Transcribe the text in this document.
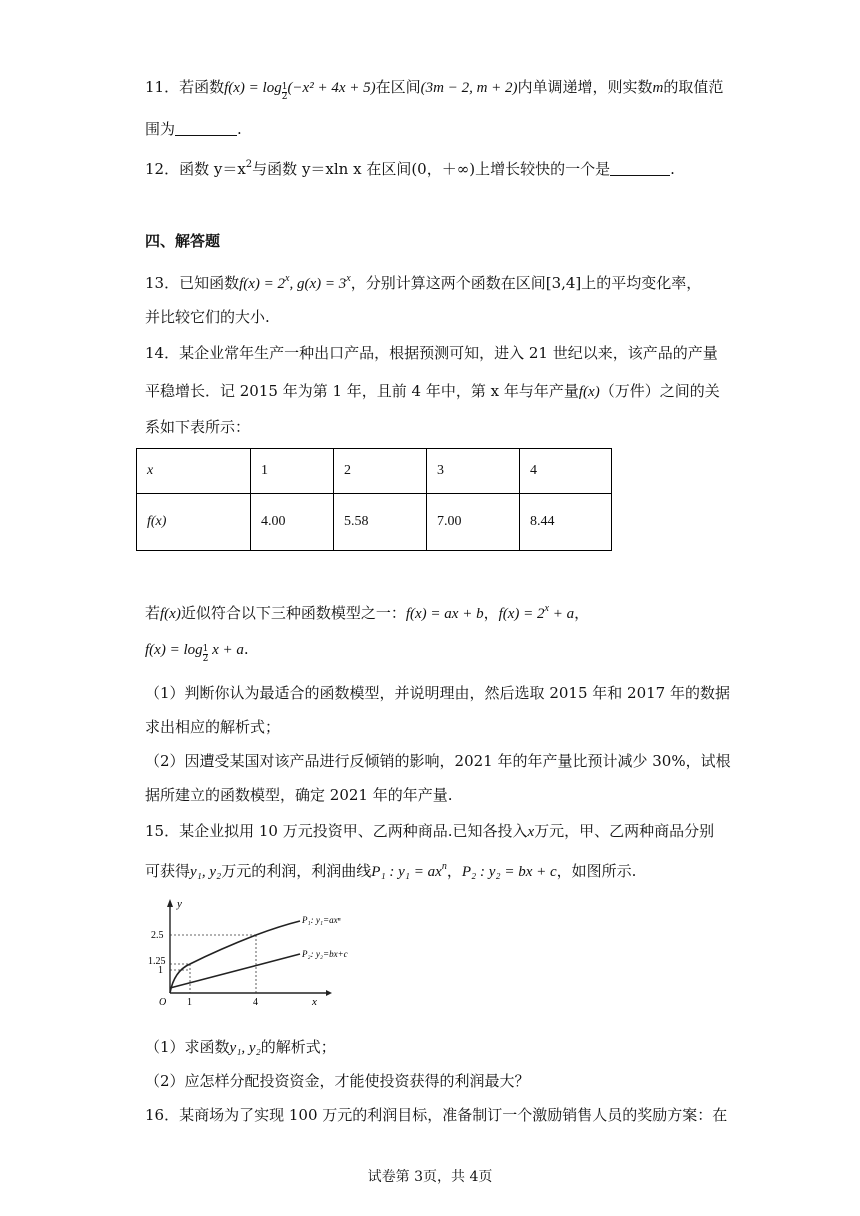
11．若函数$f(x) = \log\frac{1}{2} (-x^2 + 4x + 5)$在区间(3m − 2, m + 2)内单调递增，则实数m的取值范
围为	.
12．函数 $y=x^2$与函数 y＝xln x 在区间(0，＋∞)上增长较快的一个是	.
四、解答题
13．已知函数$f(x) = 2^x$, $g(x) = 3^x$，分别计算这两个函数在区间[3,4]上的平均变化率，
并比较它们的大小.
14．某企业常年生产一种出口产品，根据预测可知，进入 21 世纪以来，该产品的产量
平稳增长．记 2015 年为第 1 年，且前 4 年中，第 x 年与年产量f(x)（万件）之间的关
系如下表所示：
x	1	2	3	4
f(x)	4.00	5.58	7.00	8.44
若f(x)近似符合以下三种函数模型之一：f(x) = ax + b，$f(x) = 2^x + a$，
$f(x) = \log\frac{1}{2} x + a$.
（1）判断你认为最适合的函数模型，并说明理由，然后选取 2015 年和 2017 年的数据
求出相应的解析式；
（2）因遭受某国对该产品进行反倾销的影响，2021 年的年产量比预计减少 30%，试根
据所建立的函数模型，确定 2021 年的年产量.
15．某企业拟用 10 万元投资甲、乙两种商品.已知各投入x万元，甲、乙两种商品分别
可获得y₁, y₂万元的利润，利润曲线P₁ : $y_1 = ax^n$，P₂ : y₂ = bx + c，如图所示.
y
x
O
2.5
1.25
1
1	4
P₁: y₁=axⁿ
P₂: y₂=bx+c
（1）求函数y₁, y₂的解析式；
（2）应怎样分配投资资金，才能使投资获得的利润最大？
16．某商场为了实现 100 万元的利润目标，准备制订一个激励销售人员的奖励方案：在
试卷第 3页，共 4页
